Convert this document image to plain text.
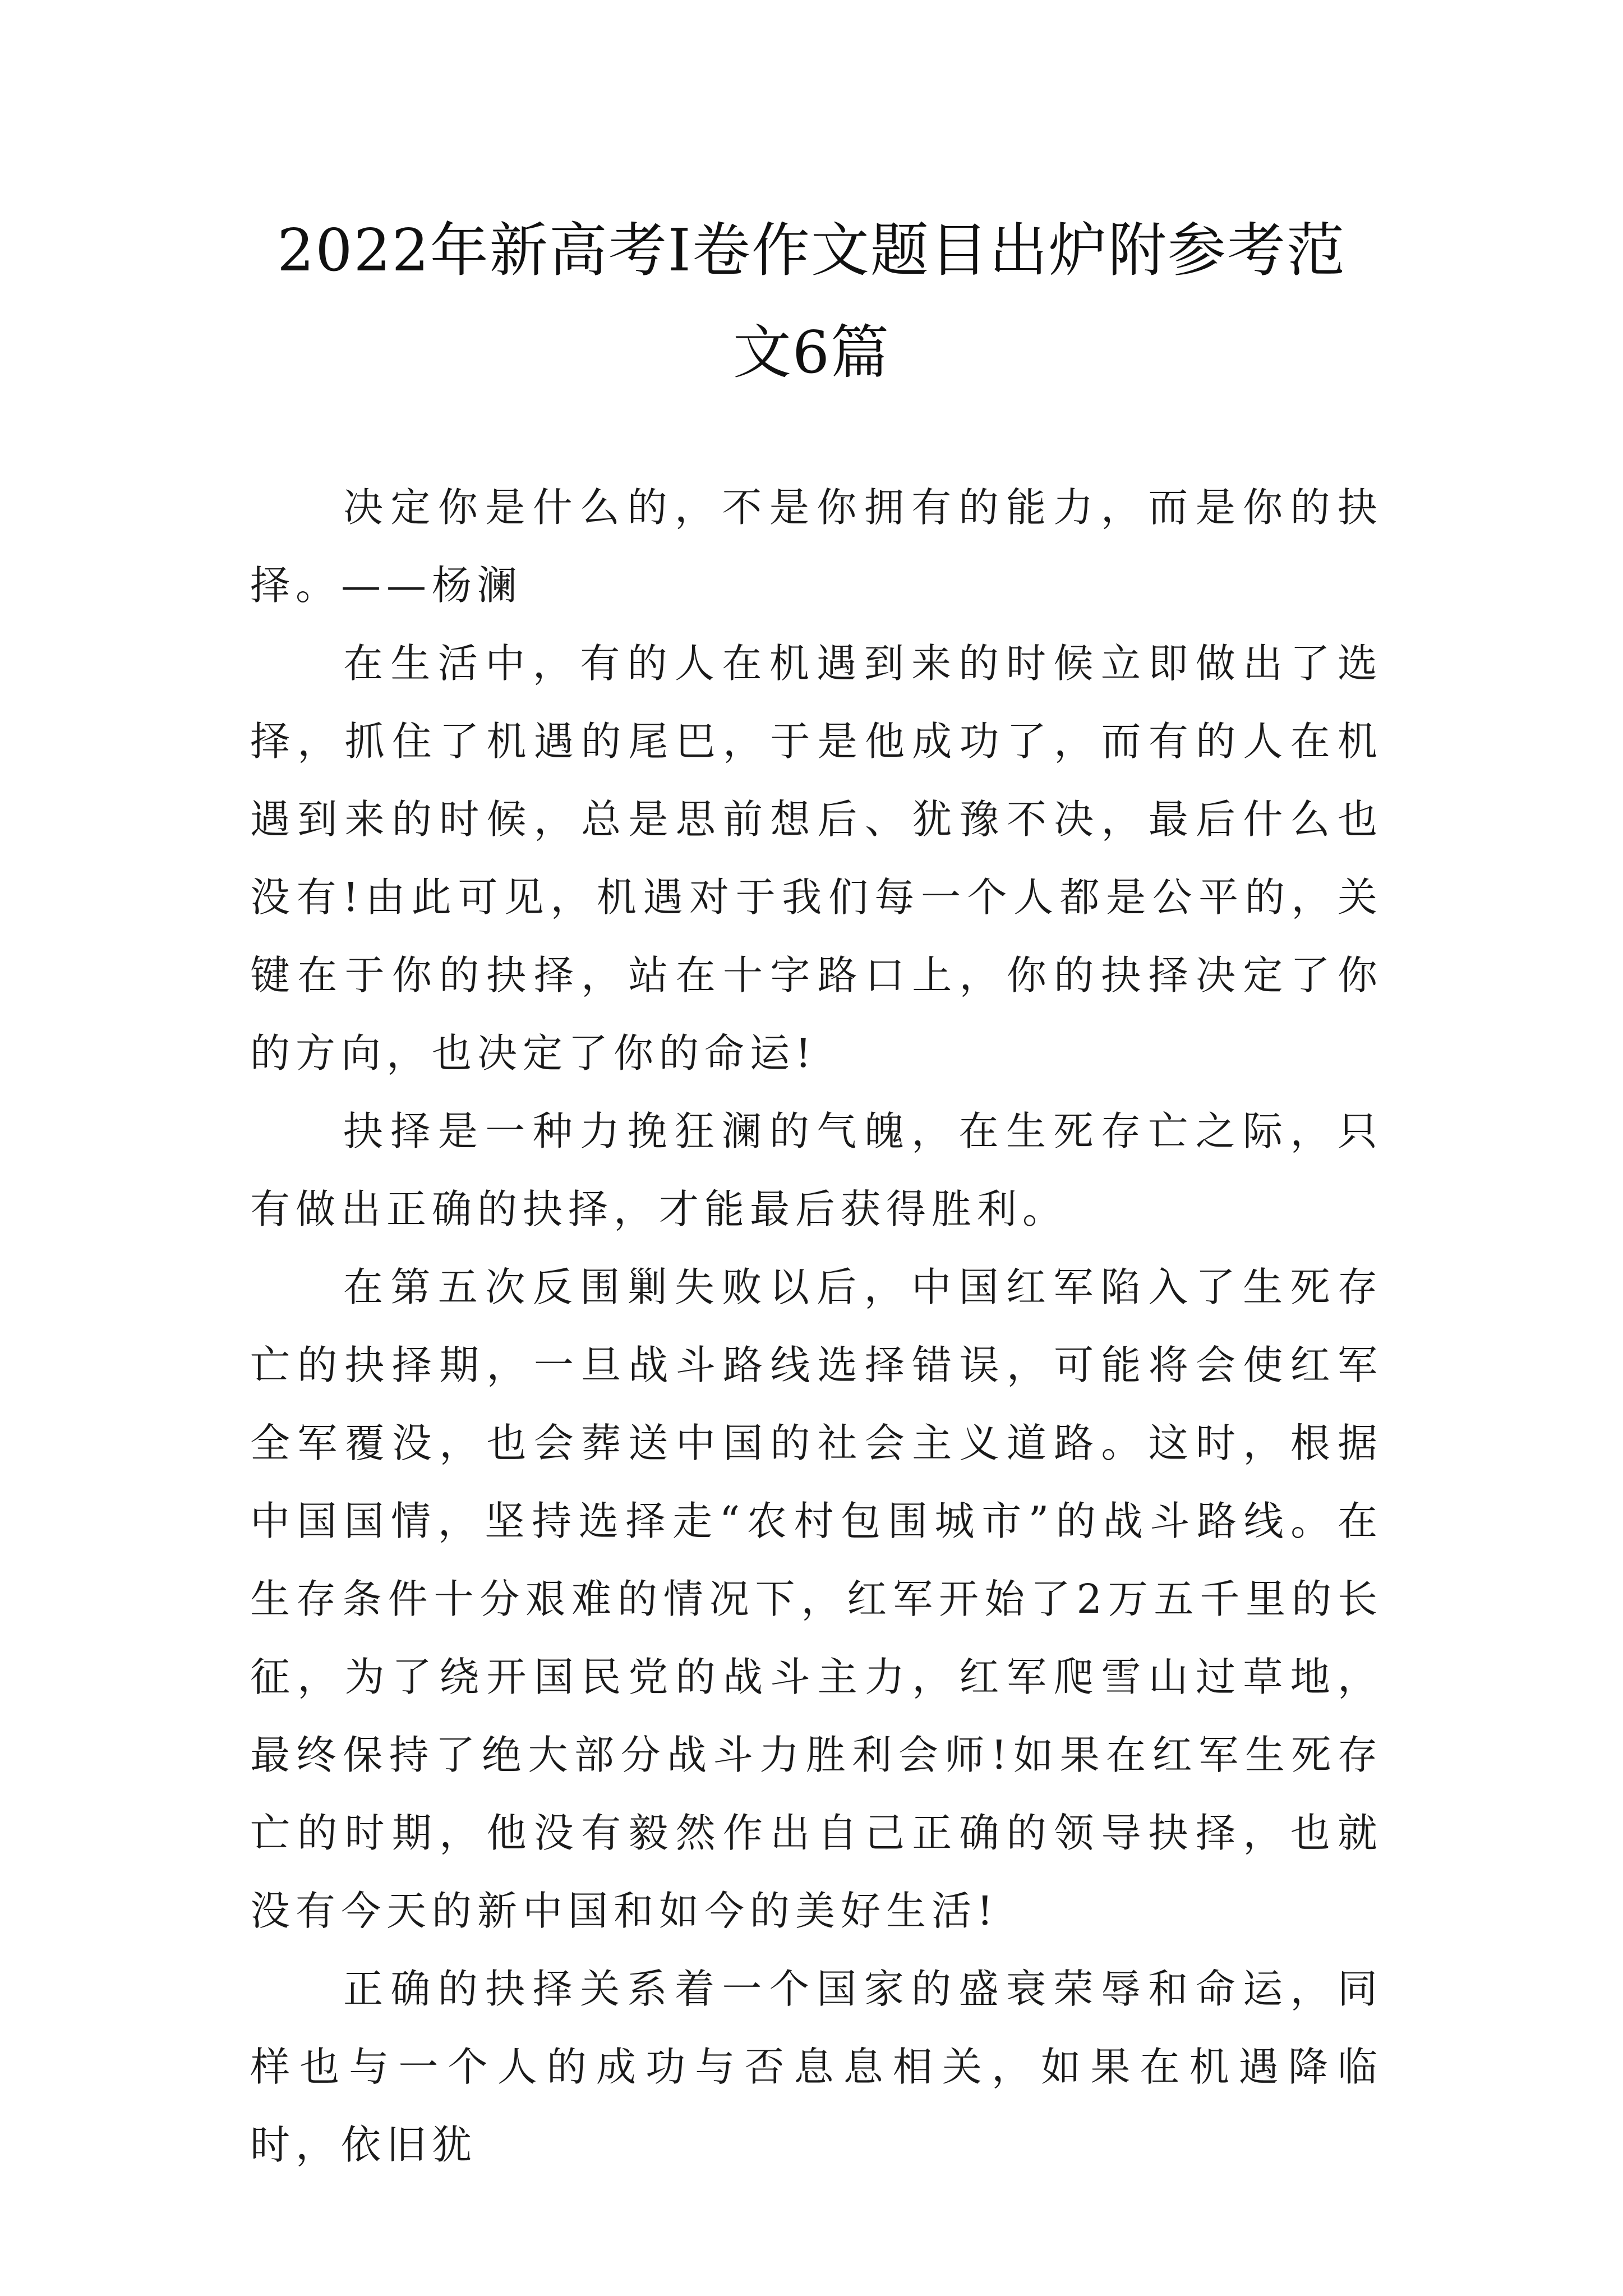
2022年新高考Ⅰ卷作文题目出炉附参考范
文6篇

决定你是什么的，不是你拥有的能力，而是你的抉择。——杨澜

在生活中，有的人在机遇到来的时候立即做出了选择，抓住了机遇的尾巴，于是他成功了，而有的人在机遇到来的时候，总是思前想后、犹豫不决，最后什么也没有!由此可见，机遇对于我们每一个人都是公平的，关键在于你的抉择，站在十字路口上，你的抉择决定了你的方向，也决定了你的命运!

抉择是一种力挽狂澜的气魄，在生死存亡之际，只有做出正确的抉择，才能最后获得胜利。

在第五次反围剿失败以后，中国红军陷入了生死存亡的抉择期，一旦战斗路线选择错误，可能将会使红军全军覆没，也会葬送中国的社会主义道路。这时，根据中国国情，坚持选择走“农村包围城市”的战斗路线。在生存条件十分艰难的情况下，红军开始了2万五千里的长征，为了绕开国民党的战斗主力，红军爬雪山过草地，最终保持了绝大部分战斗力胜利会师!如果在红军生死存亡的时期，他没有毅然作出自己正确的领导抉择，也就没有今天的新中国和如今的美好生活!

正确的抉择关系着一个国家的盛衰荣辱和命运，同样也与一个人的成功与否息息相关，如果在机遇降临时，依旧犹
